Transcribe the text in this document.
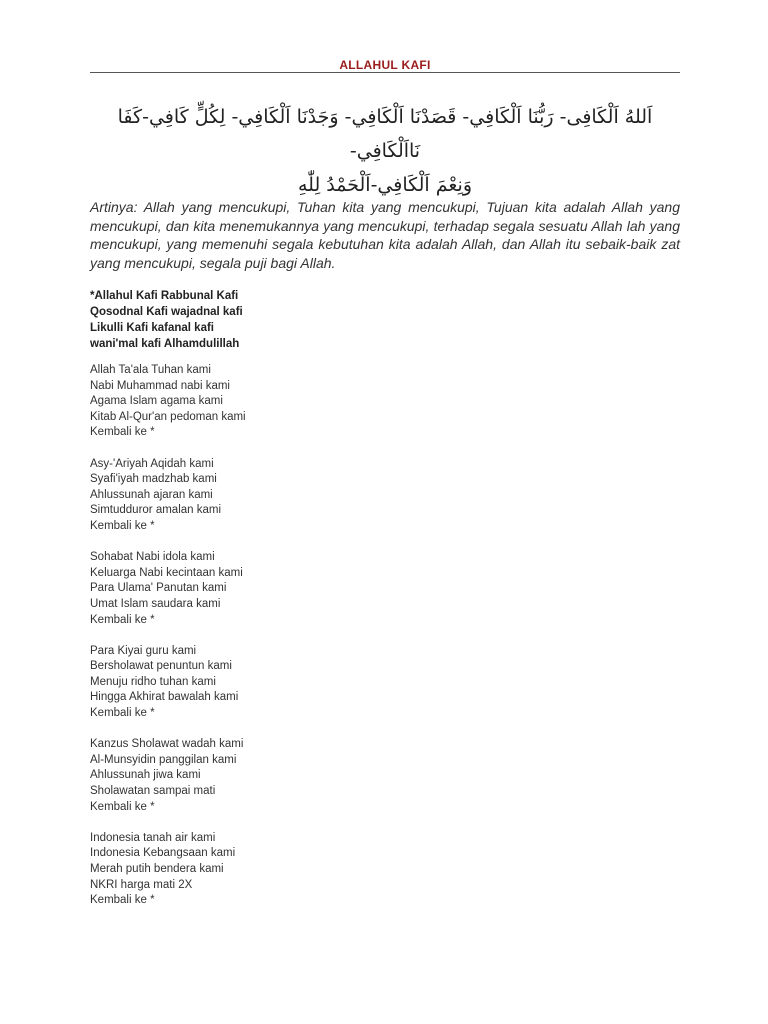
ALLAHUL KAFI
اَللهُ اَلْكَافِى- رَبُّنَا اَلْكَافِي- قَصَدْنَا اَلْكَافِي- وَجَدْنَا اَلْكَافِي- لِكُلٍّ كَافِي-كَفَا نَااَلْكَافِي-
وَنِعْمَ اَلْكَافِي-اَلْحَمْدُ لِلّٰهِ
Artinya: Allah yang mencukupi, Tuhan kita yang mencukupi, Tujuan kita adalah Allah yang mencukupi, dan kita menemukannya yang mencukupi, terhadap segala sesuatu Allah lah yang mencukupi, yang memenuhi segala kebutuhan kita adalah Allah, dan Allah itu sebaik-baik zat yang mencukupi, segala puji bagi Allah.
*Allahul Kafi Rabbunal Kafi
Qosodnal Kafi wajadnal kafi
Likulli Kafi kafanal kafi
wani'mal kafi Alhamdulillah
Allah Ta'ala Tuhan kami
Nabi Muhammad nabi kami
Agama Islam agama kami
Kitab Al-Qur'an pedoman kami
Kembali ke *
Asy-'Ariyah Aqidah kami
Syafi'iyah madzhab kami
Ahlussunah ajaran kami
Simtudduror amalan kami
Kembali ke *
Sohabat Nabi idola kami
Keluarga Nabi kecintaan kami
Para Ulama' Panutan kami
Umat Islam saudara kami
Kembali ke *
Para Kiyai guru kami
Bersholawat penuntun kami
Menuju ridho tuhan kami
Hingga Akhirat bawalah kami
Kembali ke *
Kanzus Sholawat wadah kami
Al-Munsyidin panggilan kami
Ahlussunah jiwa kami
Sholawatan sampai mati
Kembali ke *
Indonesia tanah air kami
Indonesia Kebangsaan kami
Merah putih bendera kami
NKRI harga mati 2X
Kembali ke *
